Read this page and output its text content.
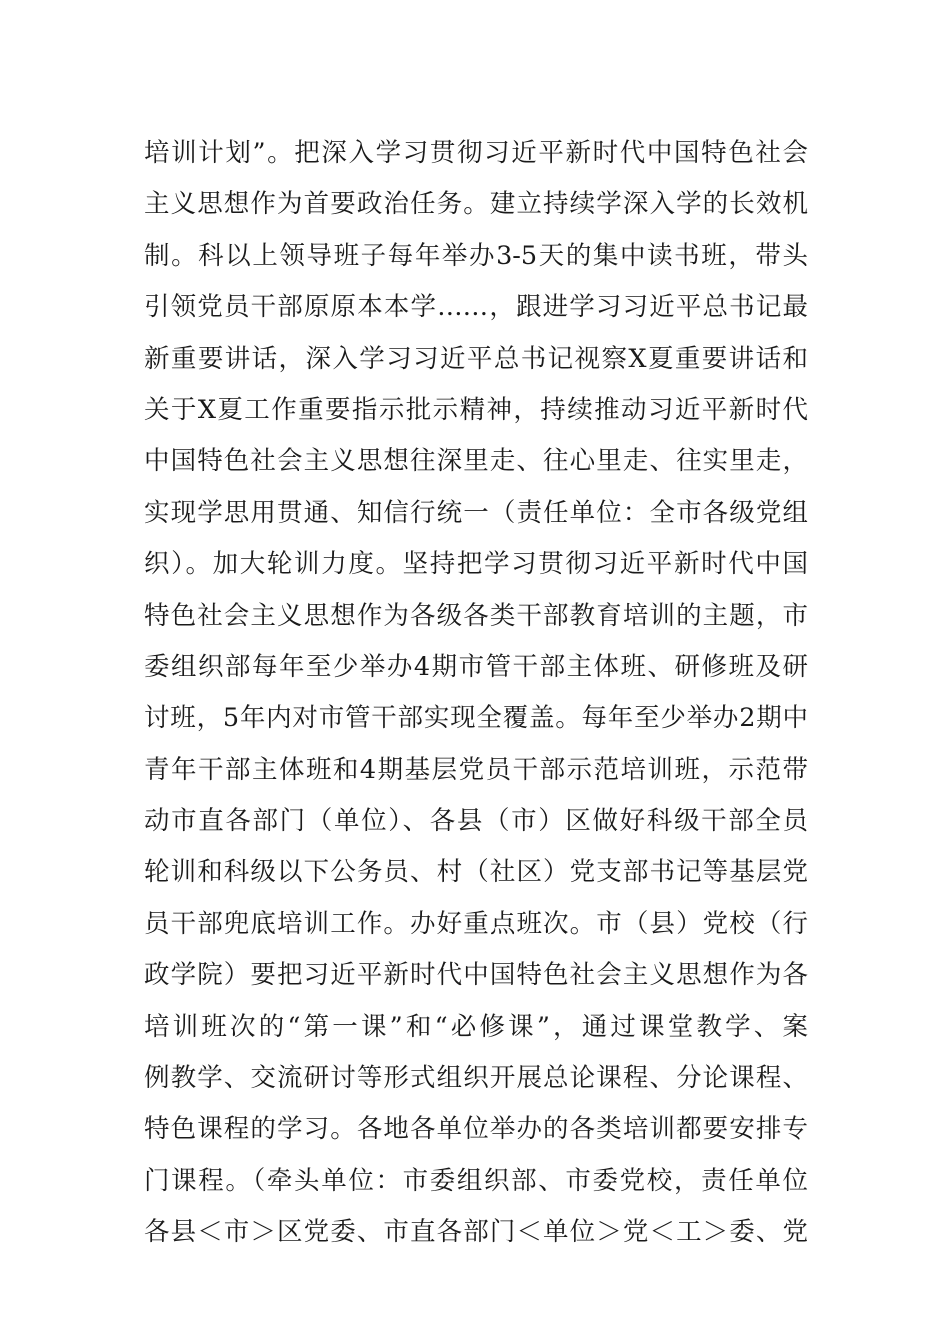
培训计划”。把深入学习贯彻习近平新时代中国特色社会
主义思想作为首要政治任务。建立持续学深入学的长效机
制。科以上领导班子每年举办3-5天的集中读书班，带头
引领党员干部原原本本学……，跟进学习习近平总书记最
新重要讲话，深入学习习近平总书记视察X夏重要讲话和
关于X夏工作重要指示批示精神，持续推动习近平新时代
中国特色社会主义思想往深里走、往心里走、往实里走，
实现学思用贯通、知信行统一（责任单位：全市各级党组
织）。加大轮训力度。坚持把学习贯彻习近平新时代中国
特色社会主义思想作为各级各类干部教育培训的主题，市
委组织部每年至少举办4期市管干部主体班、研修班及研
讨班，5年内对市管干部实现全覆盖。每年至少举办2期中
青年干部主体班和4期基层党员干部示范培训班，示范带
动市直各部门（单位）、各县（市）区做好科级干部全员
轮训和科级以下公务员、村（社区）党支部书记等基层党
员干部兜底培训工作。办好重点班次。市（县）党校（行
政学院）要把习近平新时代中国特色社会主义思想作为各
培训班次的“第一课”和“必修课”，通过课堂教学、案
例教学、交流研讨等形式组织开展总论课程、分论课程、
特色课程的学习。各地各单位举办的各类培训都要安排专
门课程。（牵头单位：市委组织部、市委党校，责任单位
各县＜市＞区党委、市直各部门＜单位＞党＜工＞委、党
